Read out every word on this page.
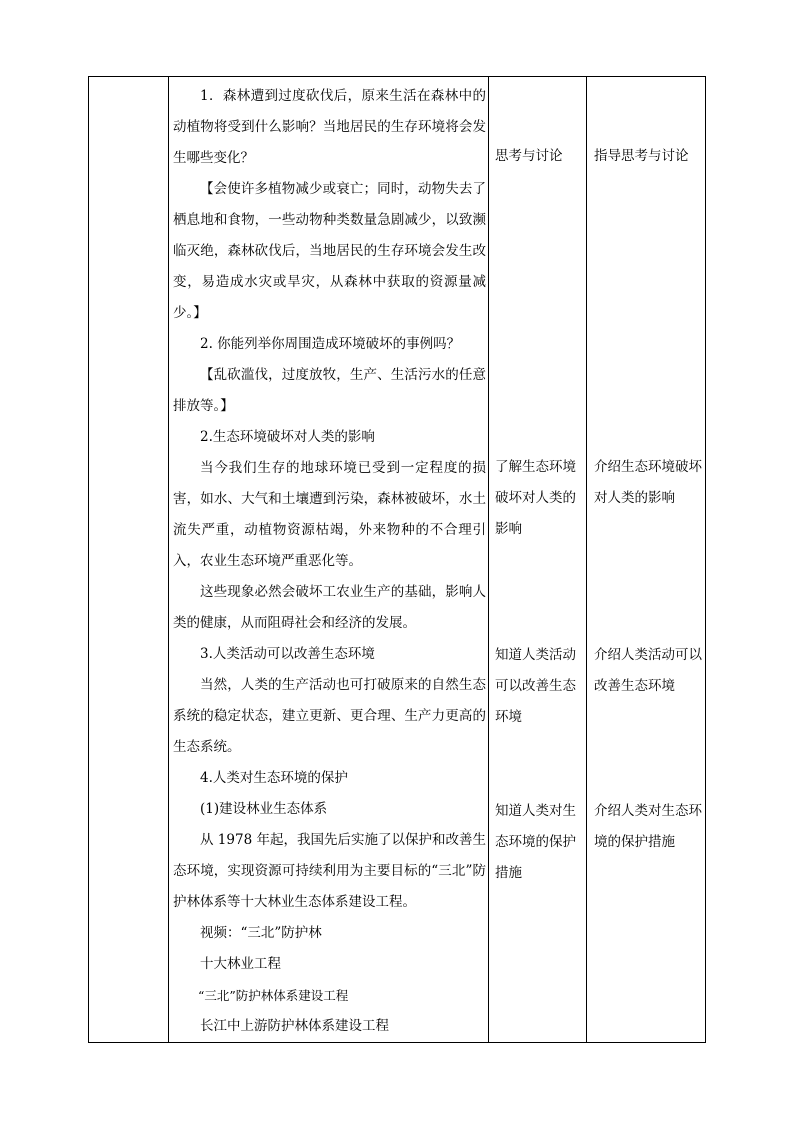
1．森林遭到过度砍伐后，原来生活在森林中的动植物将受到什么影响？当地居民的生存环境将会发生哪些变化？

【会使许多植物减少或衰亡；同时，动物失去了栖息地和食物，一些动物种类数量急剧减少，以致濒临灭绝，森林砍伐后，当地居民的生存环境会发生改变，易造成水灾或旱灾，从森林中获取的资源量减少。】

2. 你能列举你周围造成环境破坏的事例吗？

【乱砍滥伐，过度放牧，生产、生活污水的任意排放等。】

2.生态环境破坏对人类的影响

当今我们生存的地球环境已受到一定程度的损害，如水、大气和土壤遭到污染，森林被破坏，水土流失严重，动植物资源枯竭，外来物种的不合理引入，农业生态环境严重恶化等。

这些现象必然会破坏工农业生产的基础，影响人类的健康，从而阻碍社会和经济的发展。

3.人类活动可以改善生态环境

当然，人类的生产活动也可打破原来的自然生态系统的稳定状态，建立更新、更合理、生产力更高的生态系统。

4.人类对生态环境的保护

(1)建设林业生态体系

从 1978 年起，我国先后实施了以保护和改善生态环境，实现资源可持续利用为主要目标的“三北”防护林体系等十大林业生态体系建设工程。

视频：“三北”防护林

十大林业工程

“三北”防护林体系建设工程

长江中上游防护林体系建设工程

思考与讨论
了解生态环境破坏对人类的影响
知道人类活动可以改善生态环境
知道人类对生态环境的保护措施
指导思考与讨论
介绍生态环境破坏对人类的影响
介绍人类活动可以改善生态环境
介绍人类对生态环境的保护措施
